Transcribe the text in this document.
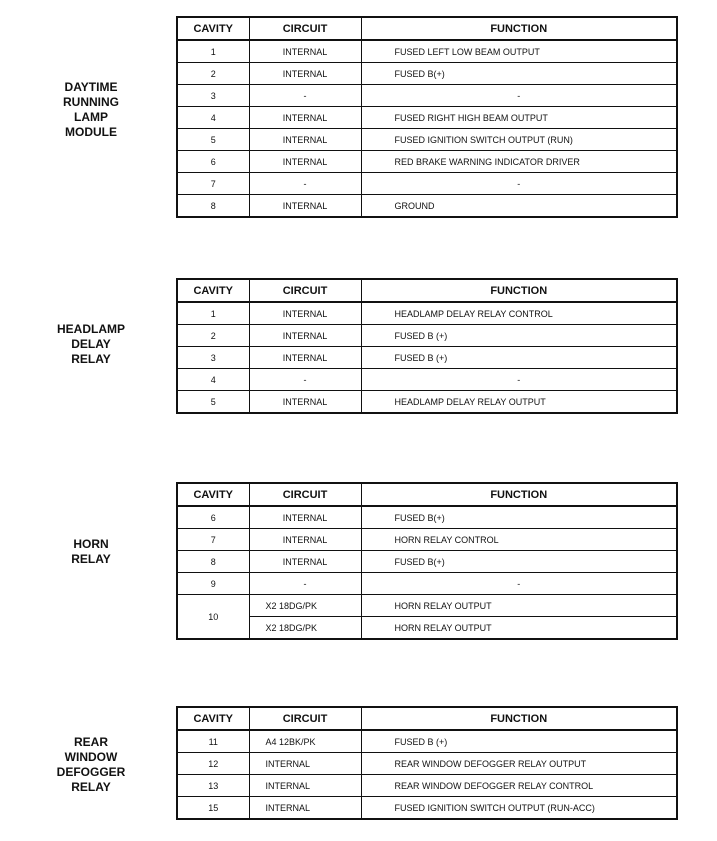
DAYTIME
RUNNING
LAMP
MODULE
CAVITY	CIRCUIT	FUNCTION
1	INTERNAL	FUSED LEFT LOW BEAM OUTPUT
2	INTERNAL	FUSED B(+)
3	-	-
4	INTERNAL	FUSED RIGHT HIGH BEAM OUTPUT
5	INTERNAL	FUSED IGNITION SWITCH OUTPUT (RUN)
6	INTERNAL	RED BRAKE WARNING INDICATOR DRIVER
7	-	-
8	INTERNAL	GROUND
HEADLAMP
DELAY
RELAY
CAVITY	CIRCUIT	FUNCTION
1	INTERNAL	HEADLAMP DELAY RELAY CONTROL
2	INTERNAL	FUSED B (+)
3	INTERNAL	FUSED B (+)
4	-	-
5	INTERNAL	HEADLAMP DELAY RELAY OUTPUT
HORN
RELAY
CAVITY	CIRCUIT	FUNCTION
6	INTERNAL	FUSED B(+)
7	INTERNAL	HORN RELAY CONTROL
8	INTERNAL	FUSED B(+)
9	-	-
10	X2 18DG/PK	HORN RELAY OUTPUT
	X2 18DG/PK	HORN RELAY OUTPUT
REAR
WINDOW
DEFOGGER
RELAY
CAVITY	CIRCUIT	FUNCTION
11	A4 12BK/PK	FUSED B (+)
12	INTERNAL	REAR WINDOW DEFOGGER RELAY OUTPUT
13	INTERNAL	REAR WINDOW DEFOGGER RELAY CONTROL
15	INTERNAL	FUSED IGNITION SWITCH OUTPUT (RUN-ACC)
